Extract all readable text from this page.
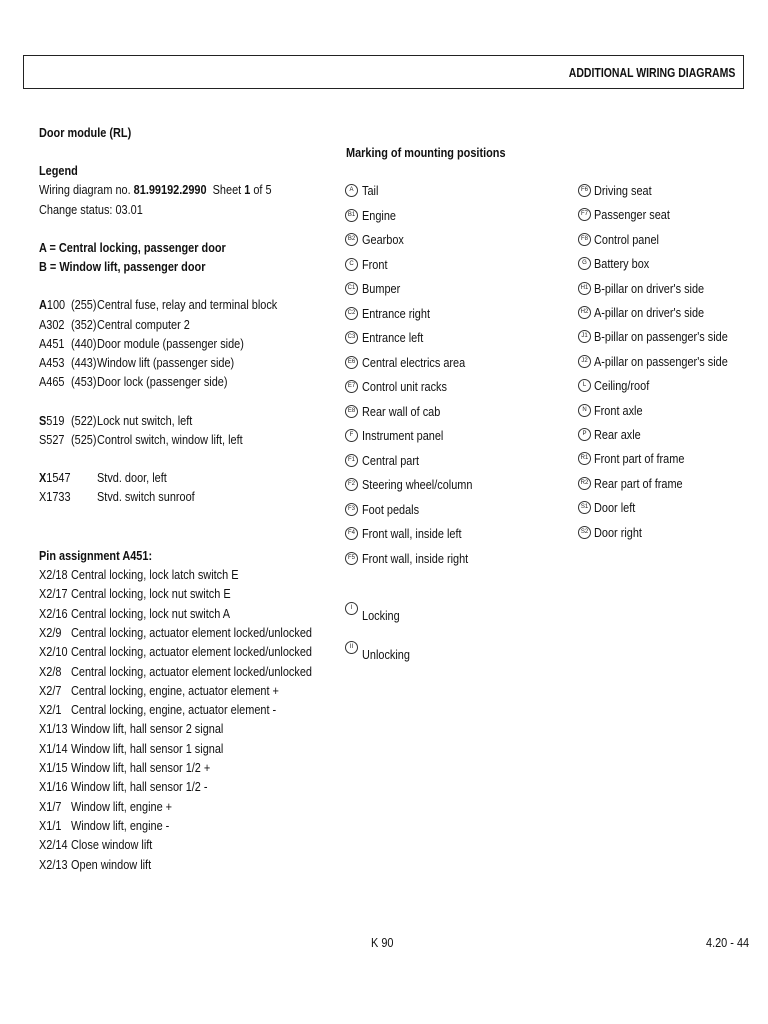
ADDITIONAL WIRING DIAGRAMS
Door module (RL)
Legend
Wiring diagram no. 81.99192.2990  Sheet 1 of 5
Change status: 03.01
A = Central locking, passenger door
B = Window lift, passenger door
A100 (255) Central fuse, relay and terminal block
A302 (352) Central computer 2
A451 (440) Door module (passenger side)
A453 (443) Window lift (passenger side)
A465 (453) Door lock (passenger side)
S519 (522) Lock nut switch, left
S527 (525) Control switch, window lift, left
X1547	Stvd. door, left
X1733	Stvd. switch sunroof
Pin assignment A451:
X2/18 Central locking, lock latch switch E
X2/17 Central locking, lock nut switch E
X2/16 Central locking, lock nut switch A
X2/9 Central locking, actuator element locked/unlocked
X2/10 Central locking, actuator element locked/unlocked
X2/8 Central locking, actuator element locked/unlocked
X2/7 Central locking, engine, actuator element +
X2/1 Central locking, engine, actuator element -
X1/13 Window lift, hall sensor 2 signal
X1/14 Window lift, hall sensor 1 signal
X1/15 Window lift, hall sensor 1/2 +
X1/16 Window lift, hall sensor 1/2 -
X1/7 Window lift, engine +
X1/1 Window lift, engine -
X2/14 Close window lift
X2/13 Open window lift
Marking of mounting positions
A Tail
B1 Engine
B2 Gearbox
C Front
C1 Bumper
C2 Entrance right
C3 Entrance left
E6 Central electrics area
E7 Control unit racks
E8 Rear wall of cab
F Instrument panel
F1 Central part
F2 Steering wheel/column
F3 Foot pedals
F4 Front wall, inside left
F5 Front wall, inside right
F6 Driving seat
F7 Passenger seat
F8 Control panel
G Battery box
H1 B-pillar on driver's side
H2 A-pillar on driver's side
J1 B-pillar on passenger's side
J2 A-pillar on passenger's side
L Ceiling/roof
N Front axle
P Rear axle
R1 Front part of frame
R2 Rear part of frame
S1 Door left
S2 Door right
I Locking
II Unlocking
K 90	4.20 - 44
